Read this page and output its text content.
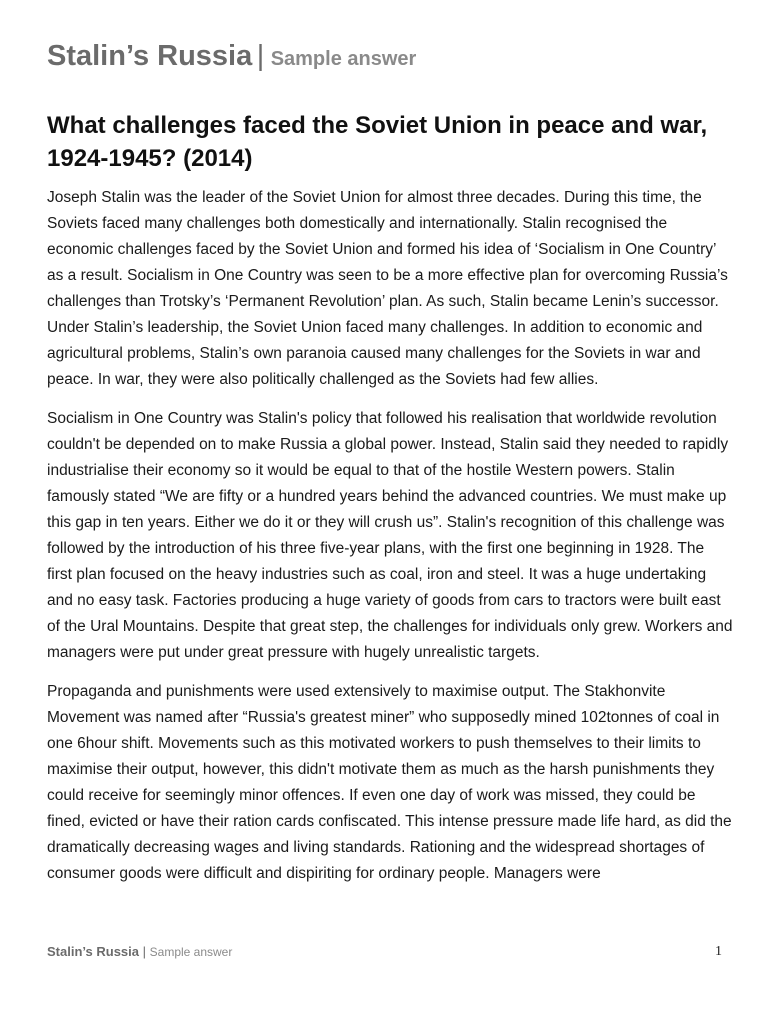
Stalin’s Russia | Sample answer
What challenges faced the Soviet Union in peace and war, 1924-1945? (2014)

Joseph Stalin was the leader of the Soviet Union for almost three decades. During this time, the Soviets faced many challenges both domestically and internationally. Stalin recognised the economic challenges faced by the Soviet Union and formed his idea of ‘Socialism in One Country’ as a result. Socialism in One Country was seen to be a more effective plan for overcoming Russia’s challenges than Trotsky’s ‘Permanent Revolution’ plan. As such, Stalin became Lenin’s successor. Under Stalin’s leadership, the Soviet Union faced many challenges. In addition to economic and agricultural problems, Stalin’s own paranoia caused many challenges for the Soviets in war and peace. In war, they were also politically challenged as the Soviets had few allies.

Socialism in One Country was Stalin's policy that followed his realisation that worldwide revolution couldn't be depended on to make Russia a global power. Instead, Stalin said they needed to rapidly industrialise their economy so it would be equal to that of the hostile Western powers. Stalin famously stated “We are fifty or a hundred years behind the advanced countries. We must make up this gap in ten years. Either we do it or they will crush us”. Stalin's recognition of this challenge was followed by the introduction of his three five-year plans, with the first one beginning in 1928. The first plan focused on the heavy industries such as coal, iron and steel. It was a huge undertaking and no easy task. Factories producing a huge variety of goods from cars to tractors were built east of the Ural Mountains. Despite that great step, the challenges for individuals only grew. Workers and managers were put under great pressure with hugely unrealistic targets.

Propaganda and punishments were used extensively to maximise output. The Stakhonvite Movement was named after “Russia's greatest miner” who supposedly mined 102tonnes of coal in one 6hour shift. Movements such as this motivated workers to push themselves to their limits to maximise their output, however, this didn't motivate them as much as the harsh punishments they could receive for seemingly minor offences. If even one day of work was missed, they could be fined, evicted or have their ration cards confiscated. This intense pressure made life hard, as did the dramatically decreasing wages and living standards. Rationing and the widespread shortages of consumer goods were difficult and dispiriting for ordinary people. Managers were

Stalin’s Russia | Sample answer	1
